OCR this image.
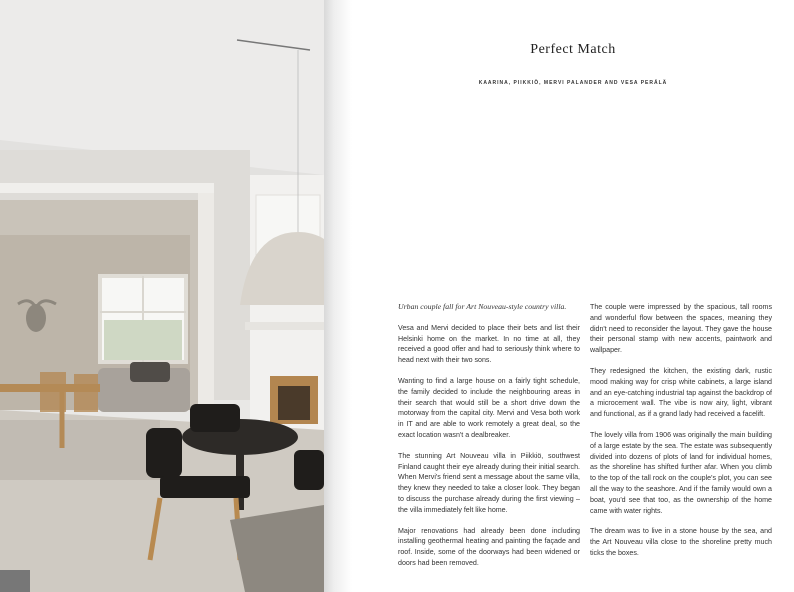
Perfect Match
KAARINA, PIIKKIÖ, MERVI PALANDER AND VESA PERÄLÄ

Urban couple fall for Art Nouveau-style country villa.

Vesa and Mervi decided to place their bets and list their Helsinki home on the market. In no time at all, they received a good offer and had to seriously think where to head next with their two sons.

Wanting to find a large house on a fairly tight schedule, the family decided to include the neighbouring areas in their search that would still be a short drive down the motorway from the capital city. Mervi and Vesa both work in IT and are able to work remotely a great deal, so the exact location wasn't a dealbreaker.

The stunning Art Nouveau villa in Piikkiö, southwest Finland caught their eye already during their initial search. When Mervi's friend sent a message about the same villa, they knew they needed to take a closer look. They began to discuss the purchase already during the first viewing – the villa immediately felt like home.

Major renovations had already been done including installing geothermal heating and painting the façade and roof. Inside, some of the doorways had been widened or doors had been removed.

The couple were impressed by the spacious, tall rooms and wonderful flow between the spaces, meaning they didn't need to reconsider the layout. They gave the house their personal stamp with new accents, paintwork and wallpaper.

They redesigned the kitchen, the existing dark, rustic mood making way for crisp white cabinets, a large island and an eye-catching industrial tap against the backdrop of a microcement wall. The vibe is now airy, light, vibrant and functional, as if a grand lady had received a facelift.

The lovely villa from 1906 was originally the main building of a large estate by the sea. The estate was subsequently divided into dozens of plots of land for individual homes, as the shoreline has shifted further afar. When you climb to the top of the tall rock on the couple's plot, you can see all the way to the seashore. And if the family would own a boat, you'd see that too, as the ownership of the home came with water rights.

The dream was to live in a stone house by the sea, and the Art Nouveau villa close to the shoreline pretty much ticks the boxes.
